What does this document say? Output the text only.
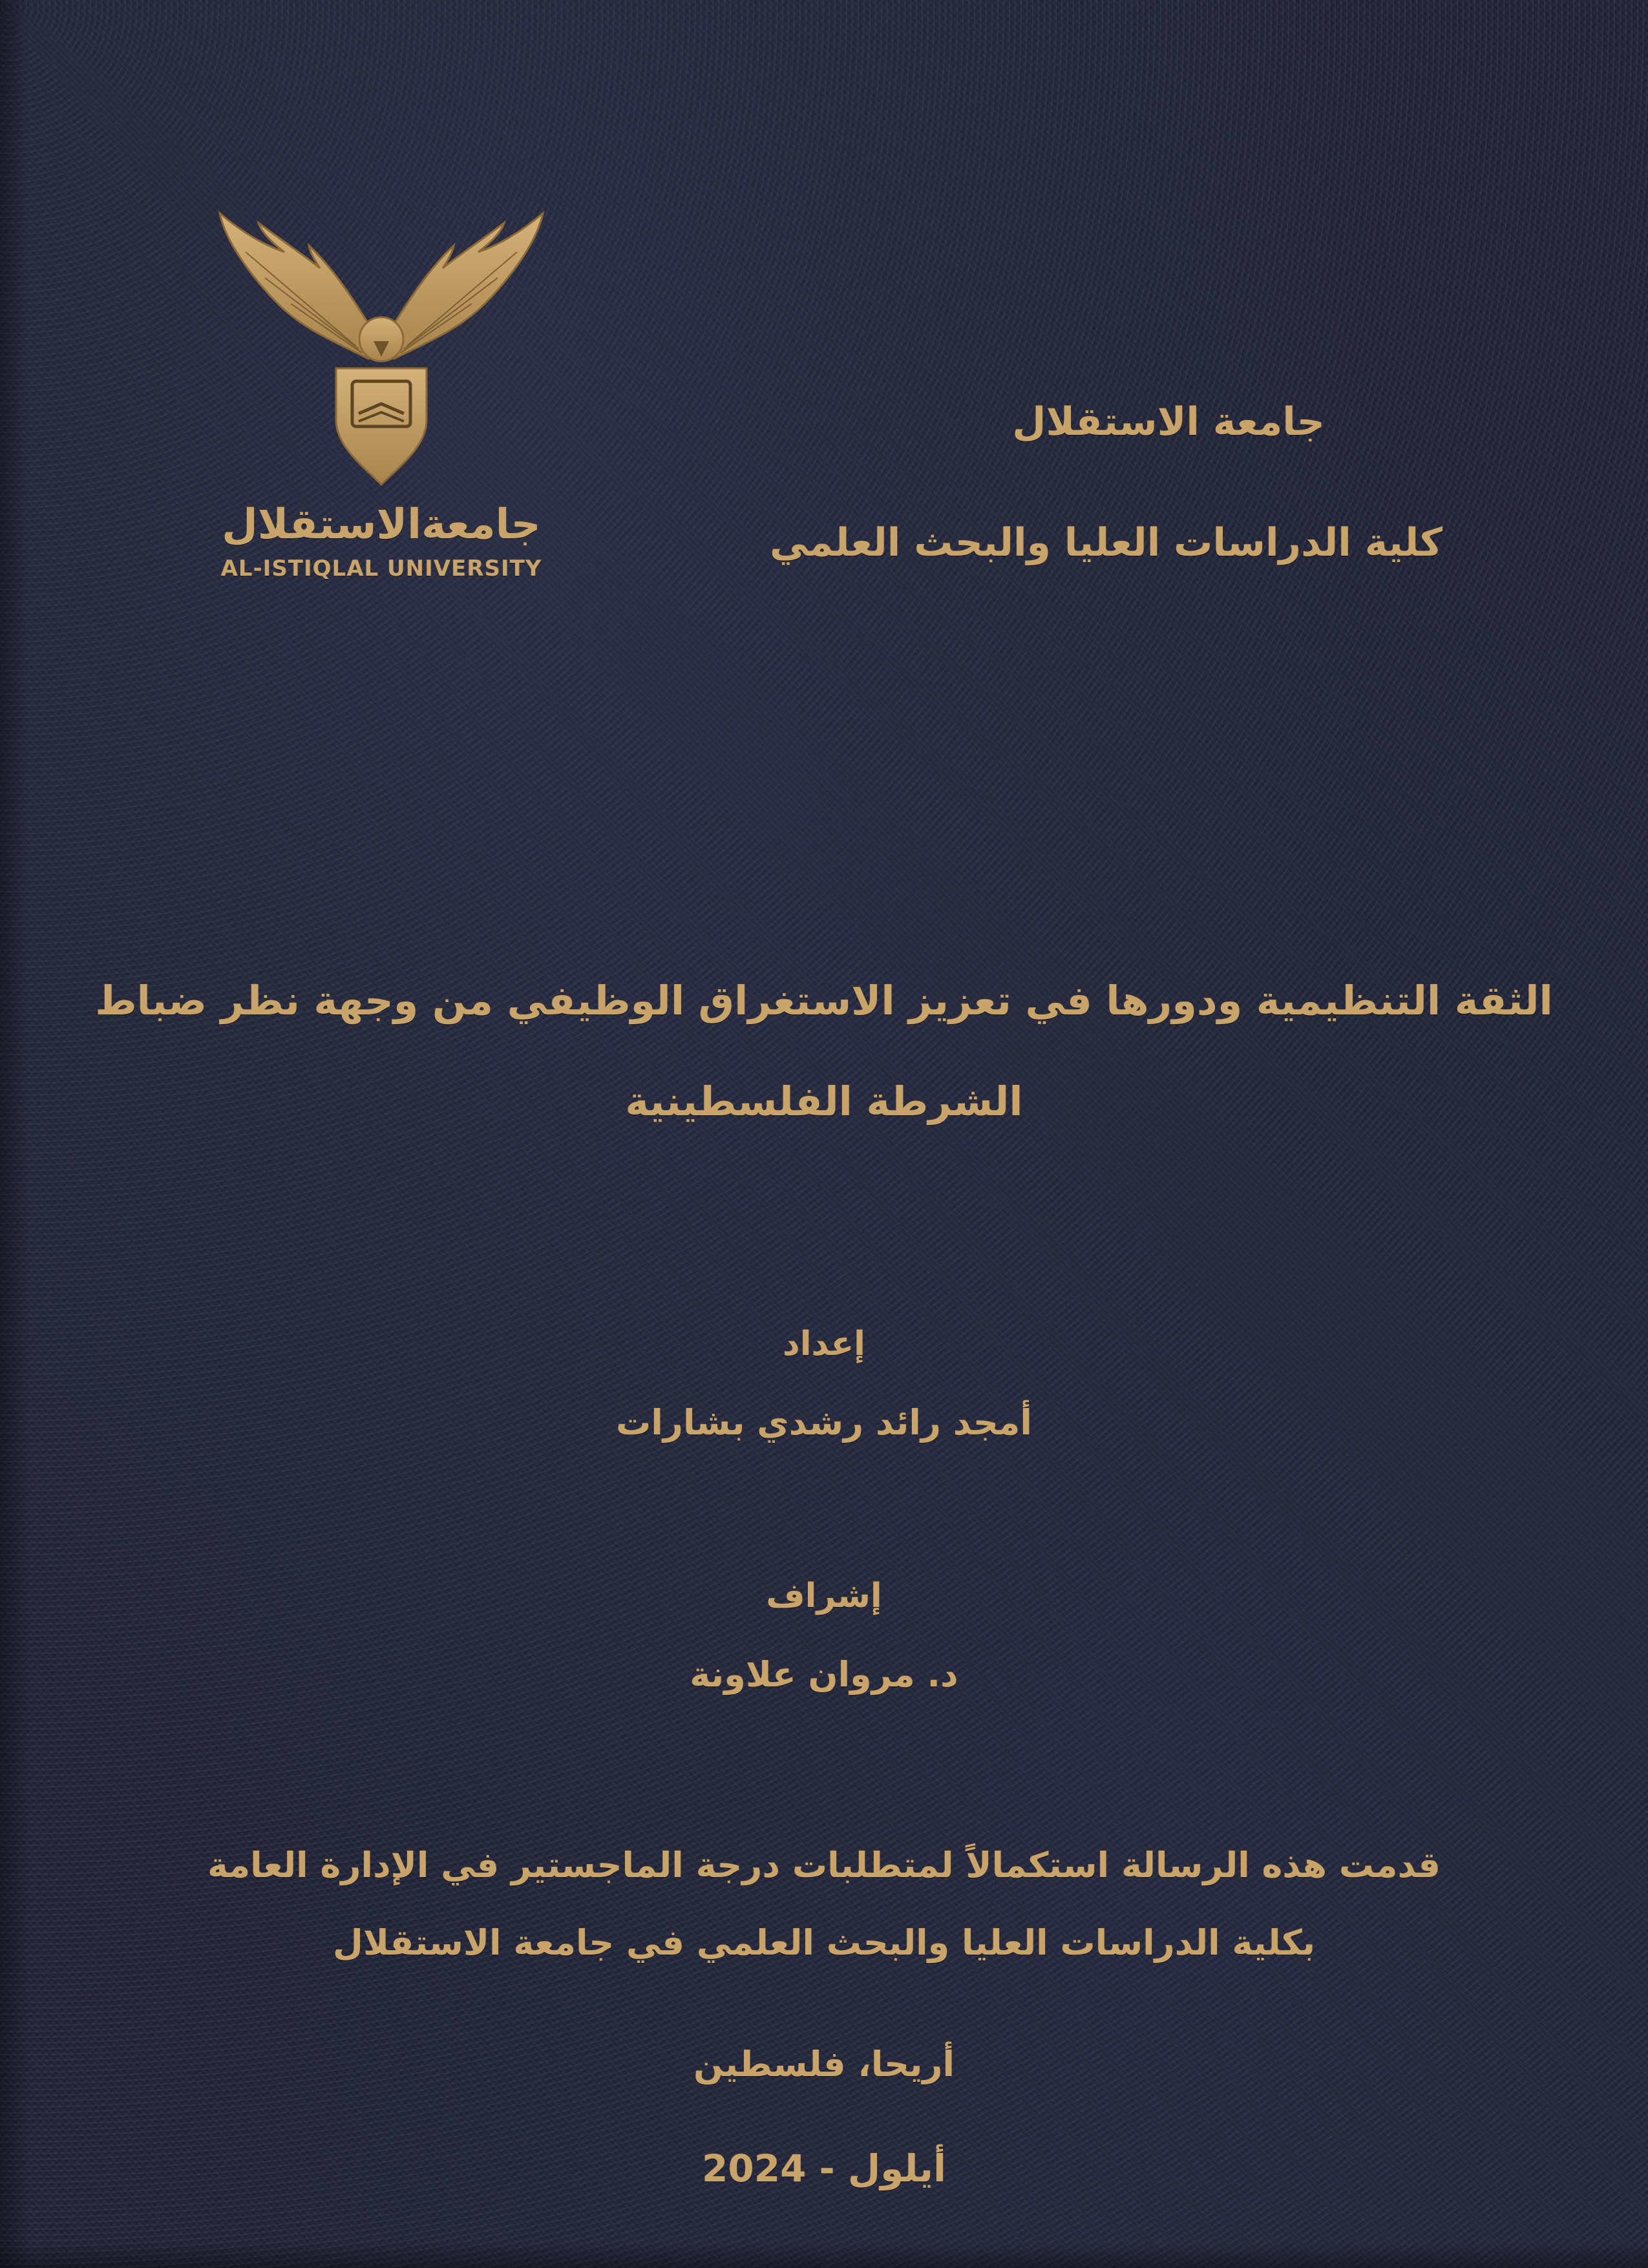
جامعةالاستقلال
AL-ISTIQLAL UNIVERSITY
جامعة الاستقلال
كلية الدراسات العليا والبحث العلمي
الثقة التنظيمية ودورها في تعزيز الاستغراق الوظيفي من وجهة نظر ضباط
الشرطة الفلسطينية
إعداد
أمجد رائد رشدي بشارات
إشراف
د. مروان علاونة
قدمت هذه الرسالة استكمالاً لمتطلبات درجة الماجستير في الإدارة العامة
بكلية الدراسات العليا والبحث العلمي في جامعة الاستقلال
أريحا، فلسطين
أيلول - 2024
